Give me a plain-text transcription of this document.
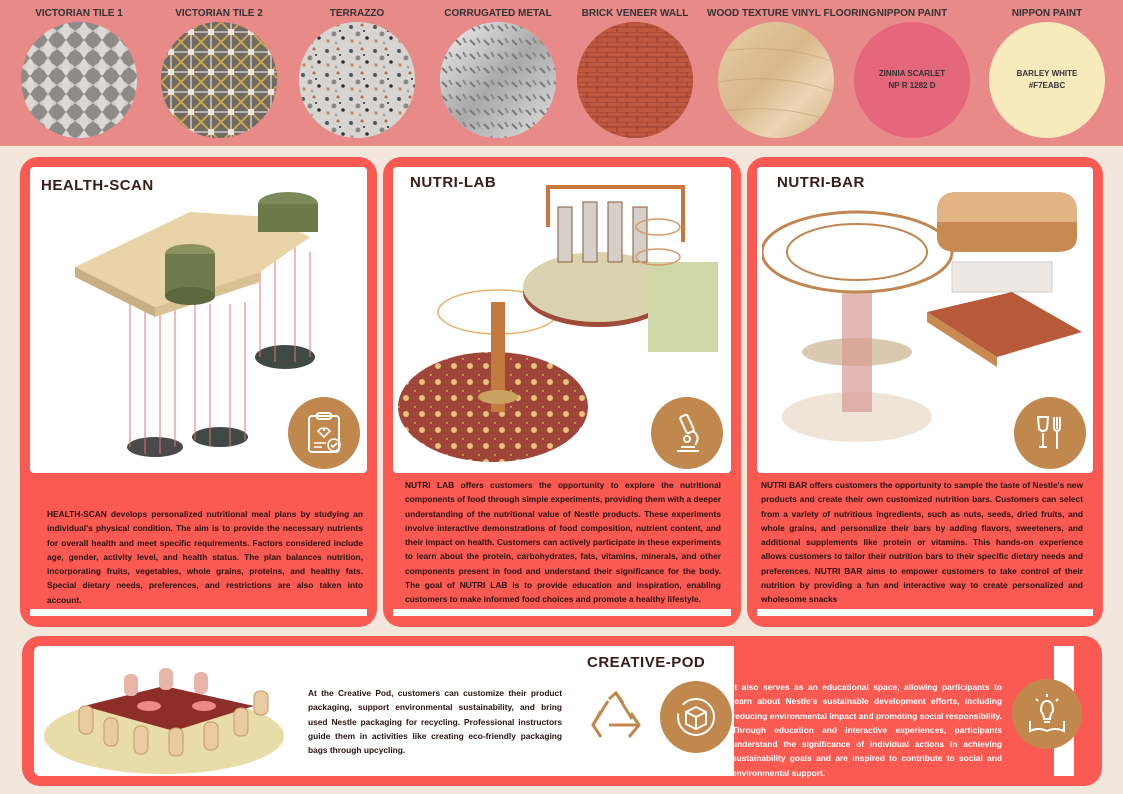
VICTORIAN TILE 1	VICTORIAN TILE 2	TERRAZZO	CORRUGATED METAL	BRICK VENEER WALL	WOOD TEXTURE VINYL FLOORING NIPPON PAINT
ZINNIA SCARLET
NP R 1282 D
NIPPON PAINT
BARLEY WHITE
#F7EABC
HEALTH-SCAN
HEALTH-SCAN develops personalized nutritional meal plans by studying an individual's physical condition. The aim is to provide the necessary nutrients for overall health and meet specific requirements. Factors considered include age, gender, activity level, and health status. The plan balances nutrition, incorporating fruits, vegetables, whole grains, proteins, and healthy fats. Special dietary needs, preferences, and restrictions are also taken into account.
NUTRI-LAB
NUTRI LAB offers customers the opportunity to explore the nutritional components of food through simple experiments, providing them with a deeper understanding of the nutritional value of Nestle products. These experiments involve interactive demonstrations of food composition, nutrient content, and their impact on health. Customers can actively participate in these experiments to learn about the protein, carbohydrates, fats, vitamins, minerals, and other components present in food and understand their significance for the body. The goal of NUTRI LAB is to provide education and inspiration, enabling customers to make informed food choices and promote a healthy lifestyle.
NUTRI-BAR
NUTRI BAR offers customers the opportunity to sample the taste of Nestle's new products and create their own customized nutrition bars. Customers can select from a variety of nutritious ingredients, such as nuts, seeds, dried fruits, and whole grains, and personalize their bars by adding flavors, sweeteners, and additional supplements like protein or vitamins. This hands-on experience allows customers to tailor their nutrition bars to their specific dietary needs and preferences. NUTRI BAR aims to empower customers to take control of their nutrition by providing a fun and interactive way to create personalized and wholesome snacks
CREATIVE-POD
At the Creative Pod, customers can customize their product packaging, support environmental sustainability, and bring used Nestle packaging for recycling. Professional instructors guide them in activities like creating eco-friendly packaging bags through upcycling.
It also serves as an educational space, allowing participants to learn about Nestle's sustainable development efforts, including reducing environmental impact and promoting social responsibility. Through education and interactive experiences, participants understand the significance of individual actions in achieving sustainability goals and are inspired to contribute to social and environmental support.
